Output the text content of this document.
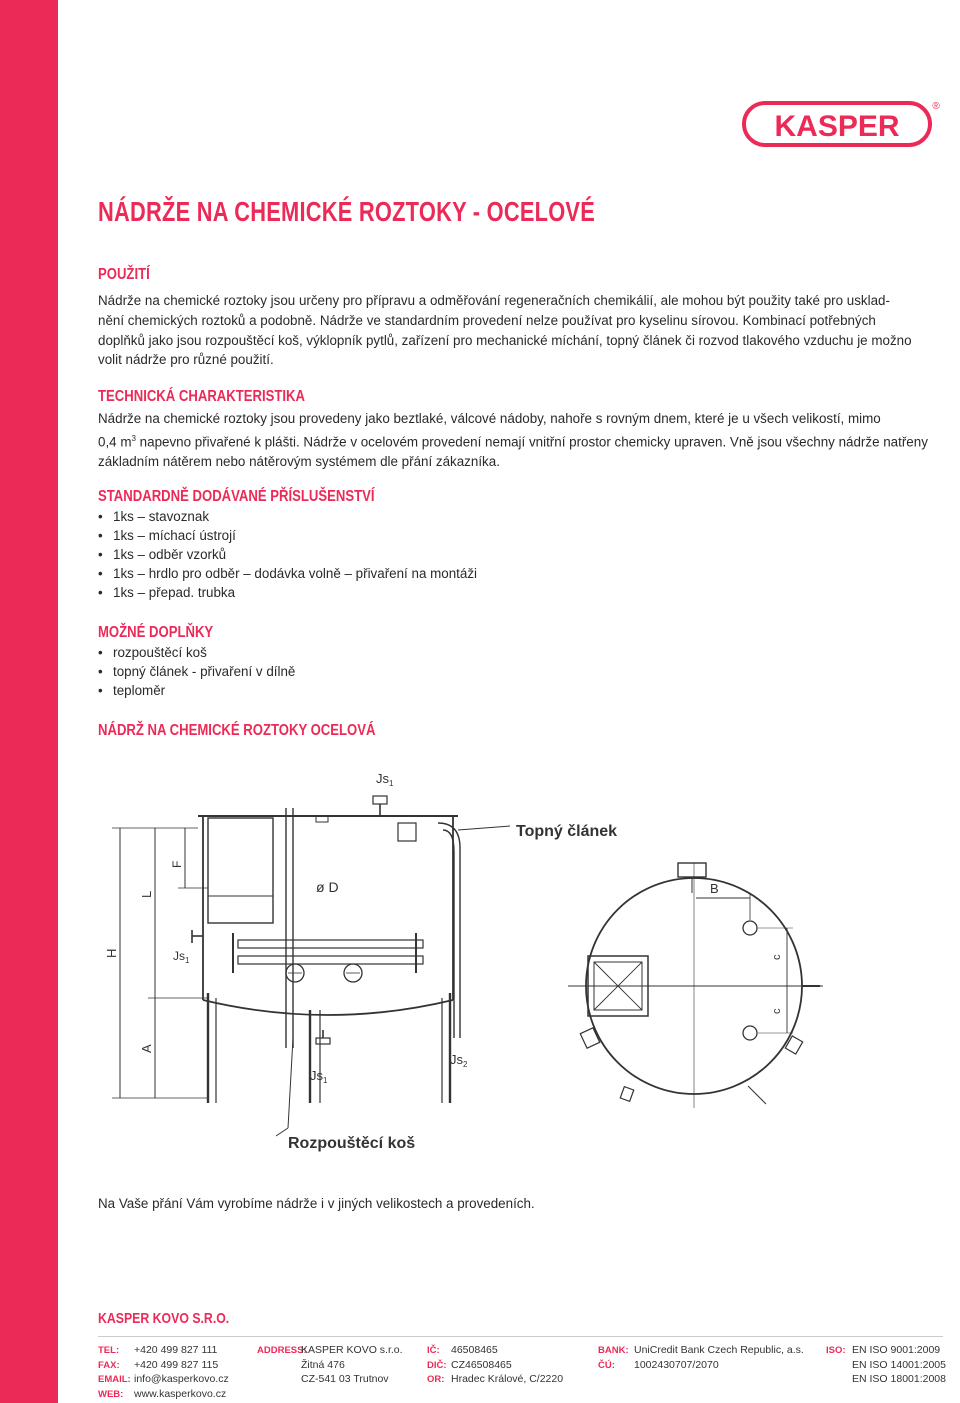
KASPER
®
NÁDRŽE NA CHEMICKÉ ROZTOKY - OCELOVÉ
POUŽITÍ
Nádrže na chemické roztoky jsou určeny pro přípravu a odměřování regeneračních chemikálií, ale mohou být použity také pro usklad-
nění chemických roztoků a podobně. Nádrže ve standardním provedení nelze používat pro kyselinu sírovou. Kombinací potřebných
doplňků jako jsou rozpouštěcí koš, výklopník pytlů, zařízení pro mechanické míchání, topný článek či rozvod tlakového vzduchu je možno
volit nádrže pro různé použití.
TECHNICKÁ CHARAKTERISTIKA
Nádrže na chemické roztoky jsou provedeny jako beztlaké, válcové nádoby, nahoře s rovným dnem, které je u všech velikostí, mimo
0,4 $m^3$ napevno přivařené k plášti. Nádrže v ocelovém provedení nemají vnitřní prostor chemicky upraven. Vně jsou všechny nádrže natřeny
základním nátěrem nebo nátěrovým systémem dle přání zákazníka.
STANDARDNĚ DODÁVANÉ PŘÍSLUŠENSTVÍ
• 1ks – stavoznak
• 1ks – míchací ústrojí
• 1ks – odběr vzorků
• 1ks – hrdlo pro odběr – dodávka volně – přivaření na montáži
• 1ks – přepad. trubka
MOŽNÉ DOPLŇKY
• rozpouštěcí koš
• topný článek - přivaření v dílně
• teploměr
NÁDRŽ NA CHEMICKÉ ROZTOKY OCELOVÁ
$Js_1$
Topný článek
ø D
F
L
H
A
$Js_1$
$Js_1$
$Js_2$
Rozpouštěcí koš
B
c
c

Na Vaše přání Vám vyrobíme nádrže i v jiných velikostech a provedeních.

KASPER KOVO S.R.O.
TEL: +420 499 827 111
FAX: +420 499 827 115
EMAIL: info@kasperkovo.cz
WEB: www.kasperkovo.cz
ADDRESS:KASPER KOVO s.r.o.
Žitná 476
CZ-541 03 Trutnov
IČ: 46508465
DIČ: CZ46508465
OR: Hradec Králové, C/2220
BANK: UniCredit Bank Czech Republic, a.s.
ČÚ: 1002430707/2070
ISO: EN ISO 9001:2009
EN ISO 14001:2005
EN ISO 18001:2008
